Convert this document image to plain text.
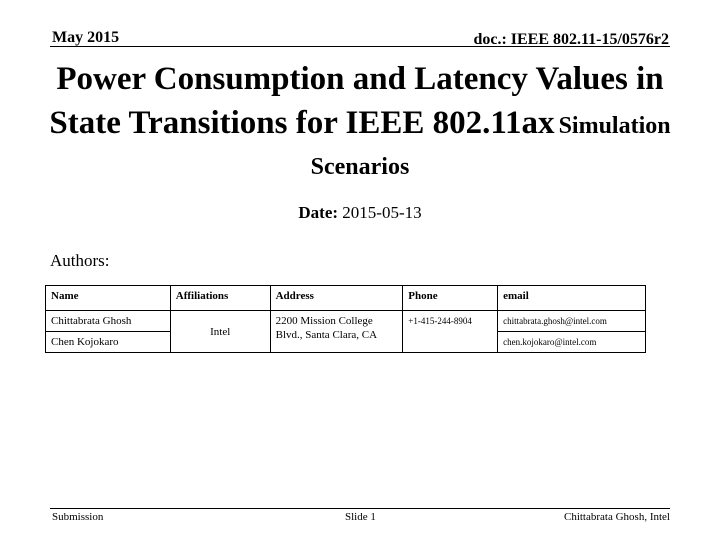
May 2015	doc.: IEEE 802.11-15/0576r2
Power Consumption and Latency Values in State Transitions for IEEE 802.11ax Simulation Scenarios
Date: 2015-05-13
Authors:
Name	Affiliations	Address	Phone	email
Chittabrata Ghosh	Intel	2200 Mission College Blvd., Santa Clara, CA	+1-415-244-8904	chittabrata.ghosh@intel.com
Chen Kojokaro				chen.kojokaro@intel.com
Submission	Slide 1	Chittabrata Ghosh, Intel
